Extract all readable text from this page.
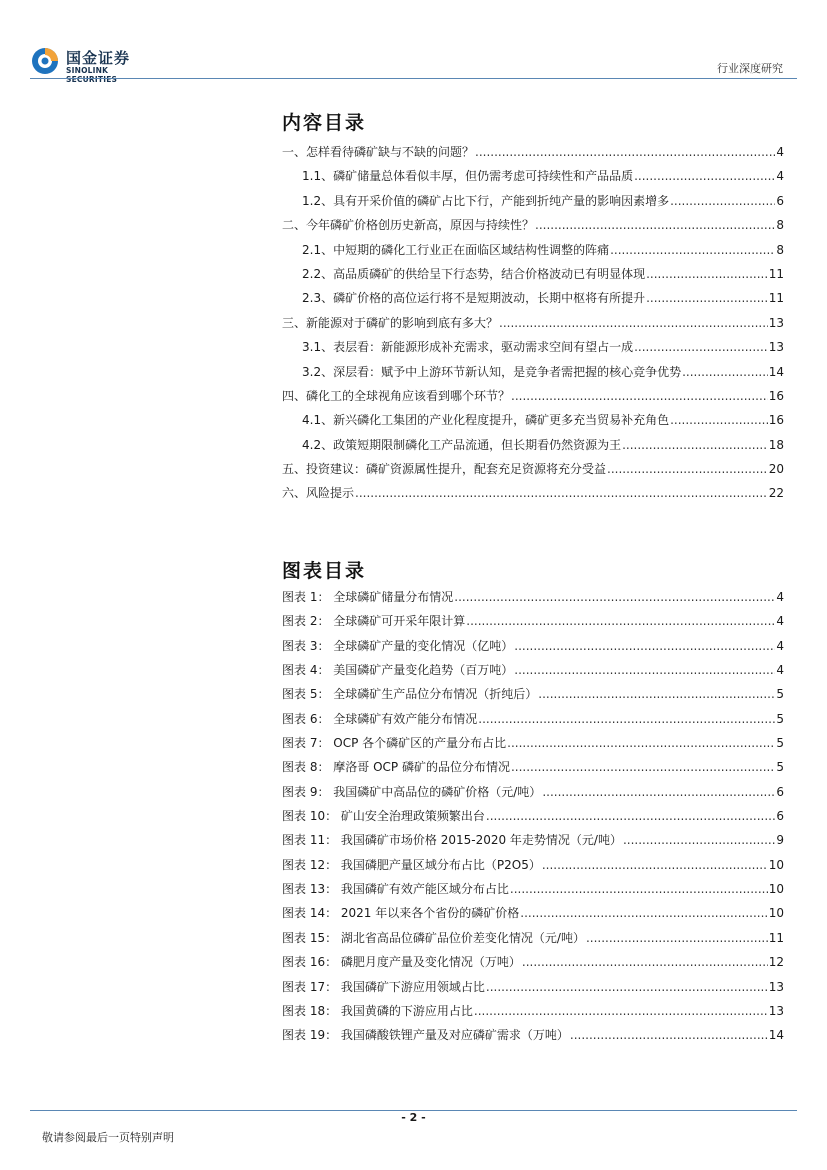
国金证券
SINOLINK SECURITIES
行业深度研究
内容目录
一、怎样看待磷矿缺与不缺的问题？ .....	4
1.1、磷矿储量总体看似丰厚，但仍需考虑可持续性和产品品质 .....	4
1.2、具有开采价值的磷矿占比下行，产能到折纯产量的影响因素增多 .....	6
二、今年磷矿价格创历史新高，原因与持续性？ .....	8
2.1、中短期的磷化工行业正在面临区域结构性调整的阵痛 .....	8
2.2、高品质磷矿的供给呈下行态势，结合价格波动已有明显体现 .....	11
2.3、磷矿价格的高位运行将不是短期波动，长期中枢将有所提升 .....	11
三、新能源对于磷矿的影响到底有多大？ .....	13
3.1、表层看：新能源形成补充需求，驱动需求空间有望占一成 .....	13
3.2、深层看：赋予中上游环节新认知，是竞争者需把握的核心竞争优势 .....	14
四、磷化工的全球视角应该看到哪个环节？ .....	16
4.1、新兴磷化工集团的产业化程度提升，磷矿更多充当贸易补充角色 .....	16
4.2、政策短期限制磷化工产品流通，但长期看仍然资源为王 .....	18
五、投资建议：磷矿资源属性提升，配套充足资源将充分受益 .....	20
六、风险提示 .....	22
图表目录
图表 1： 全球磷矿储量分布情况 .....	4
图表 2： 全球磷矿可开采年限计算 .....	4
图表 3： 全球磷矿产量的变化情况（亿吨） .....	4
图表 4： 美国磷矿产量变化趋势（百万吨） .....	4
图表 5： 全球磷矿生产品位分布情况（折纯后） .....	5
图表 6： 全球磷矿有效产能分布情况 .....	5
图表 7： OCP 各个磷矿区的产量分布占比 .....	5
图表 8： 摩洛哥 OCP 磷矿的品位分布情况 .....	5
图表 9： 我国磷矿中高品位的磷矿价格（元/吨） .....	6
图表 10： 矿山安全治理政策频繁出台 .....	6
图表 11： 我国磷矿市场价格 2015-2020 年走势情况（元/吨） .....	9
图表 12： 我国磷肥产量区域分布占比（P2O5） .....	10
图表 13： 我国磷矿有效产能区域分布占比 .....	10
图表 14： 2021 年以来各个省份的磷矿价格 .....	10
图表 15： 湖北省高品位磷矿品位价差变化情况（元/吨） .....	11
图表 16： 磷肥月度产量及变化情况（万吨） .....	12
图表 17： 我国磷矿下游应用领域占比 .....	13
图表 18： 我国黄磷的下游应用占比 .....	13
图表 19： 我国磷酸铁锂产量及对应磷矿需求（万吨） .....	14
- 2 -
敬请参阅最后一页特别声明
